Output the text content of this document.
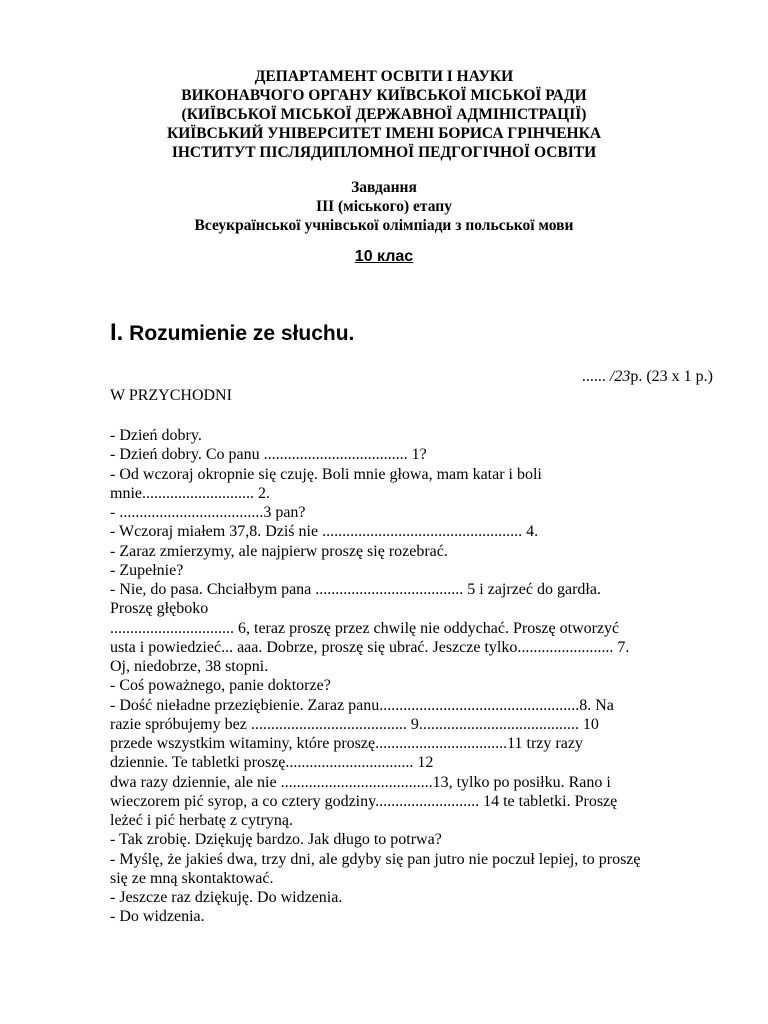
ДЕПАРТАМЕНТ ОСВІТИ І НАУКИ
ВИКОНАВЧОГО ОРГАНУ КИЇВСЬКОЇ МІСЬКОЇ РАДИ
(КИЇВСЬКОЇ МІСЬКОЇ ДЕРЖАВНОЇ АДМІНІСТРАЦІЇ)
КИЇВСЬКИЙ УНІВЕРСИТЕТ ІМЕНІ БОРИСА ГРІНЧЕНКА
ІНСТИТУТ ПІСЛЯДИПЛОМНОЇ ПЕДГОГІЧНОЇ ОСВІТИ
Завдання
ІІІ (міського) етапу
Всеукраїнської учнівської олімпіади з польської мови
10 клас
I. Rozumienie ze słuchu.
...... /23p. (23 x 1 p.)
W PRZYCHODNI
- Dzień dobry.
- Dzień dobry. Co panu .................................... 1?
- Od wczoraj okropnie się czuję. Boli mnie głowa, mam katar i boli
mnie............................ 2.
- ....................................3 pan?
- Wczoraj miałem 37,8. Dziś nie .................................................. 4.
- Zaraz zmierzymy, ale najpierw proszę się rozebrać.
- Zupełnie?
- Nie, do pasa. Chciałbym pana ..................................... 5 i zajrzeć do gardła.
Proszę głęboko
............................... 6, teraz proszę przez chwilę nie oddychać. Proszę otworzyć
usta i powiedzieć... aaa. Dobrze, proszę się ubrać. Jeszcze tylko........................ 7.
Oj, niedobrze, 38 stopni.
- Coś poważnego, panie doktorze?
- Dość nieładne przeziębienie. Zaraz panu..................................................8. Na
razie spróbujemy bez ....................................... 9........................................ 10
przede wszystkim witaminy, które proszę.................................11 trzy razy
dziennie. Te tabletki proszę................................ 12
dwa razy dziennie, ale nie ......................................13, tylko po posiłku. Rano i
wieczorem pić syrop, a co cztery godziny.......................... 14 te tabletki. Proszę
leżeć i pić herbatę z cytryną.
- Tak zrobię. Dziękuję bardzo. Jak długo to potrwa?
- Myślę, że jakieś dwa, trzy dni, ale gdyby się pan jutro nie poczuł lepiej, to proszę
się ze mną skontaktować.
- Jeszcze raz dziękuję. Do widzenia.
- Do widzenia.
